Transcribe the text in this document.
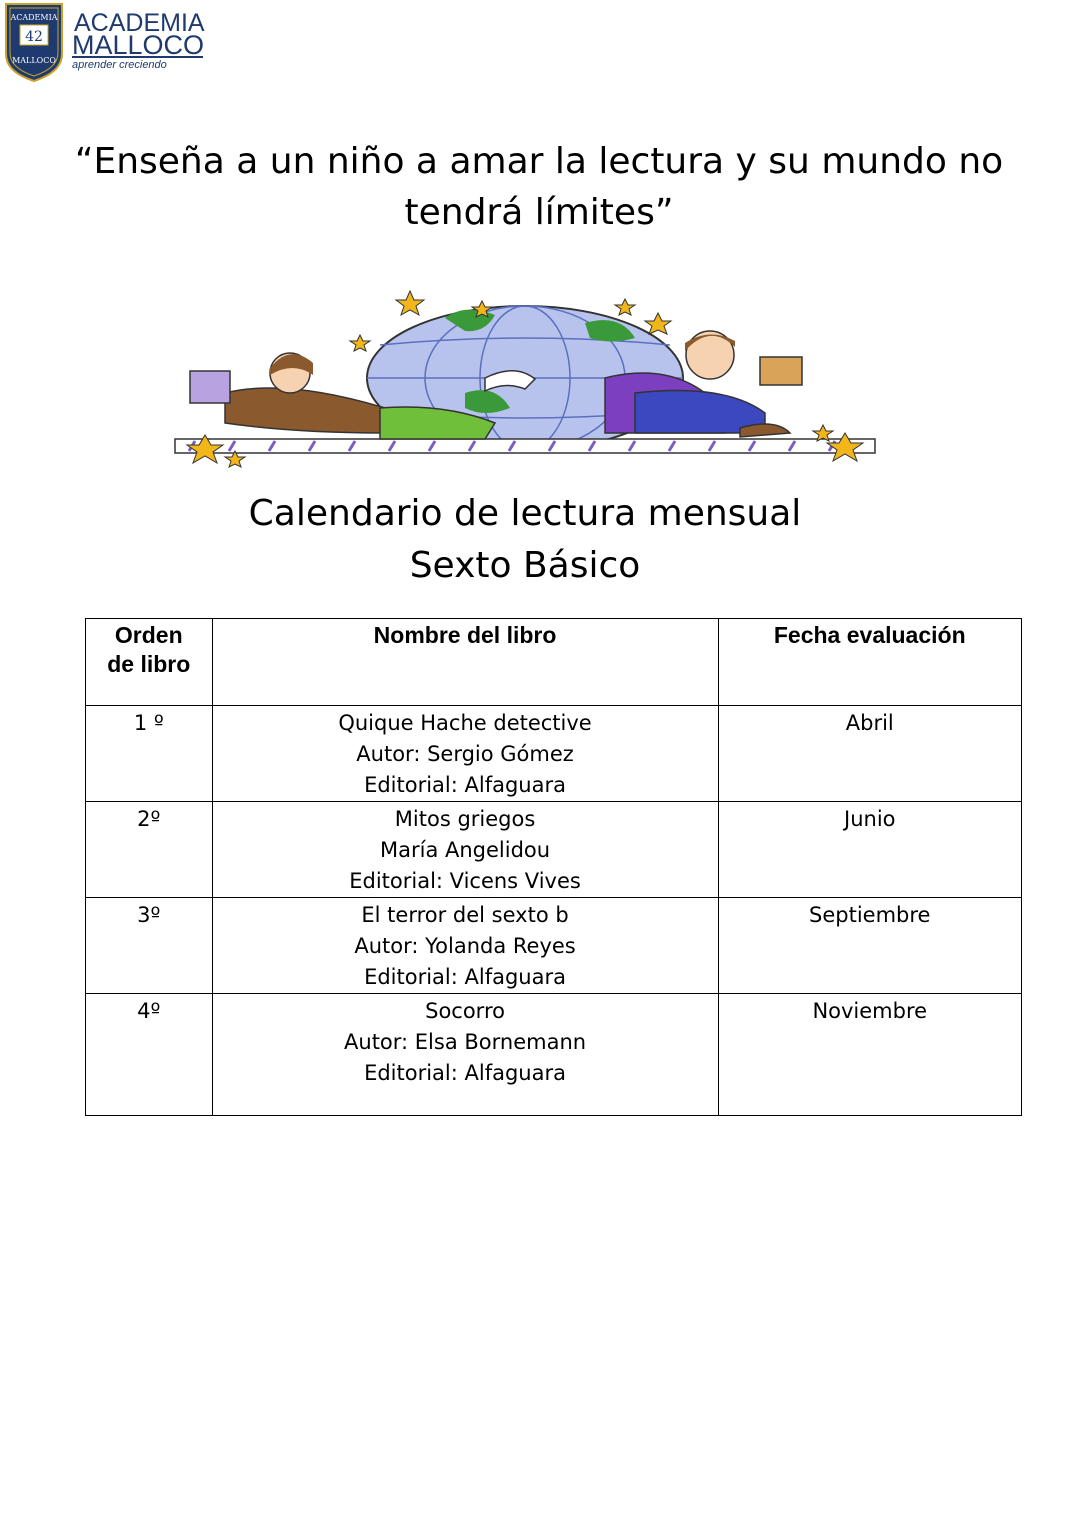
ACADEMIA
42
MALLOCO
ACADEMIA
MALLOCO
aprender creciendo
“Enseña a un niño a amar la lectura y su mundo no tendrá límites”
Calendario de lectura mensual
Sexto Básico
Orden de libro	Nombre del libro	Fecha evaluación
1 º	Quique Hache detective
Autor: Sergio Gómez
Editorial: Alfaguara	Abril
2º	Mitos griegos
María Angelidou
Editorial: Vicens Vives	Junio
3º	El terror del sexto b
Autor: Yolanda Reyes
Editorial: Alfaguara	Septiembre
4º	Socorro
Autor: Elsa Bornemann
Editorial: Alfaguara	Noviembre
